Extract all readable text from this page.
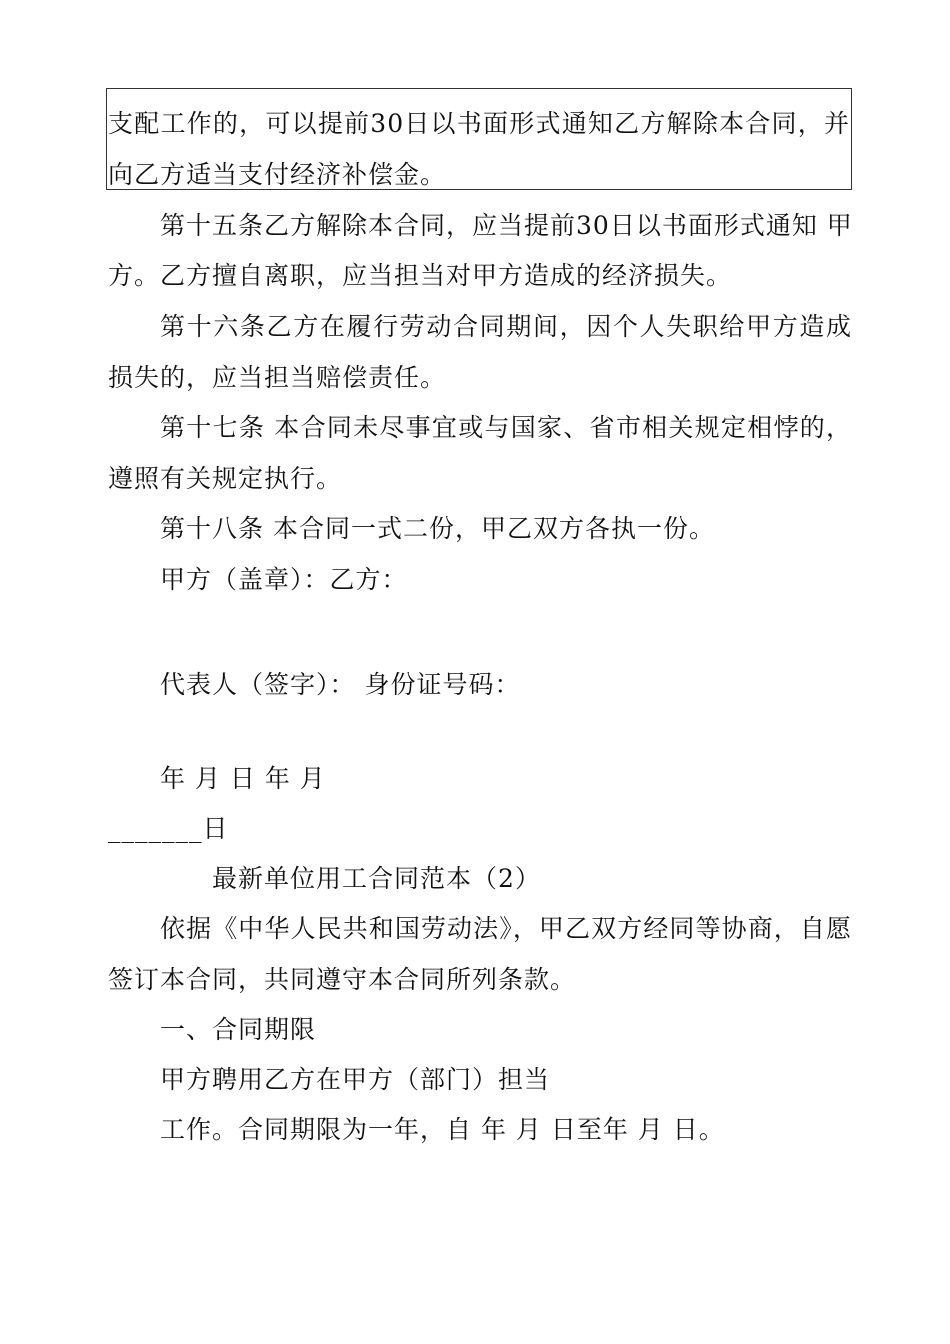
支配工作的，可以提前30日以书面形式通知乙方解除本合同，并
向乙方适当支付经济补偿金。
第十五条乙方解除本合同，应当提前30日以书面形式通知 甲
方。乙方擅自离职，应当担当对甲方造成的经济损失。
第十六条乙方在履行劳动合同期间，因个人失职给甲方造成
损失的，应当担当赔偿责任。
第十七条 本合同未尽事宜或与国家、省市相关规定相悖的，
遵照有关规定执行。
第十八条 本合同一式二份，甲乙双方各执一份。
甲方（盖章）：乙方：
代表人（签字）： 身份证号码：
年 月 日 年 月
_______日
最新单位用工合同范本（2）
依据《中华人民共和国劳动法》，甲乙双方经同等协商，自愿
签订本合同，共同遵守本合同所列条款。
一、合同期限
甲方聘用乙方在甲方（部门）担当
工作。合同期限为一年，自 年 月 日至年 月 日。
